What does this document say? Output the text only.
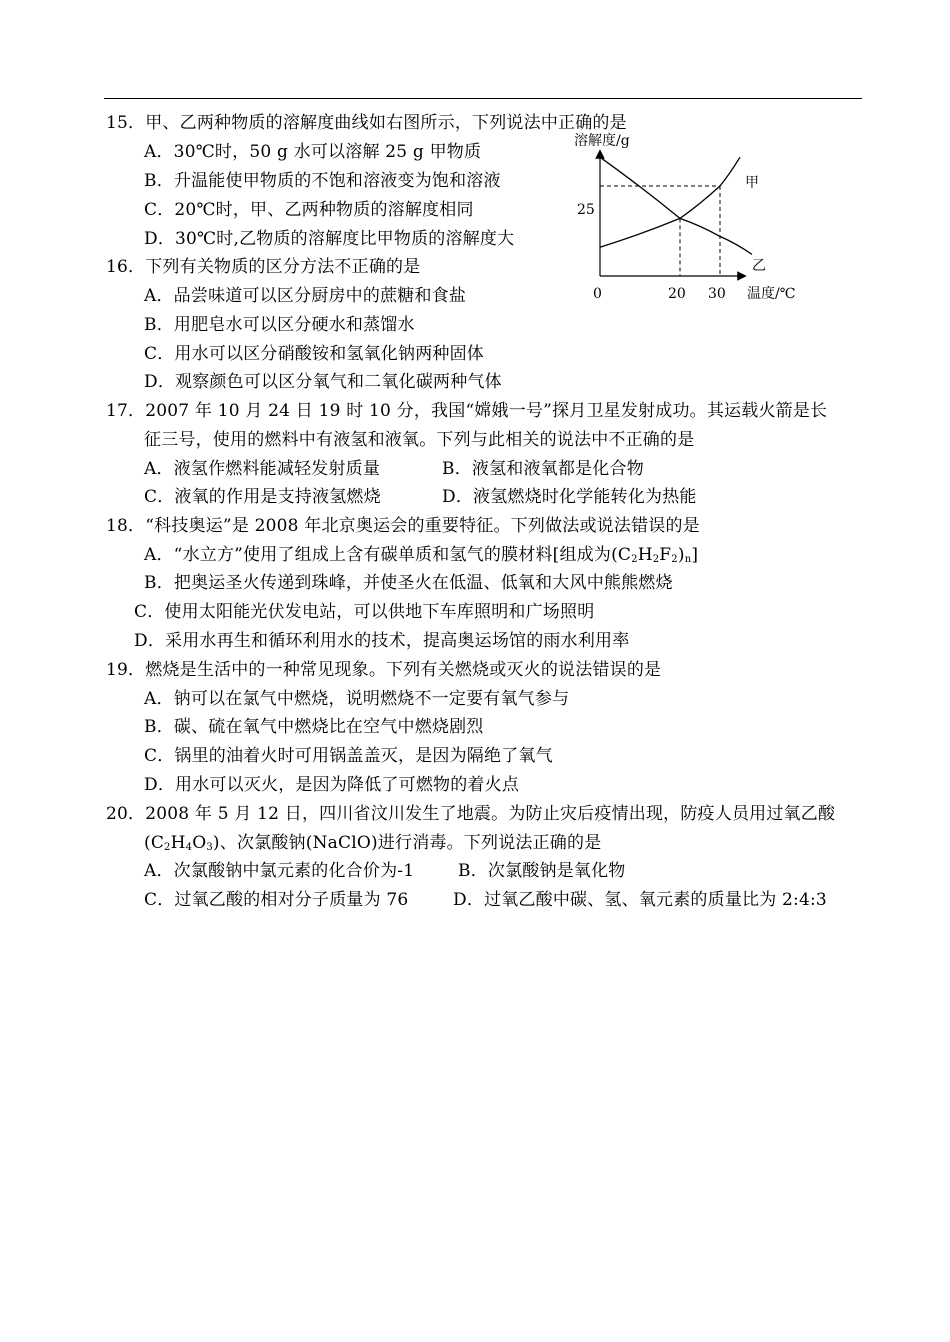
15．甲、乙两种物质的溶解度曲线如右图所示，下列说法中正确的是
A．30℃时，50 g 水可以溶解 25 g 甲物质
B．升温能使甲物质的不饱和溶液变为饱和溶液
C．20℃时，甲、乙两种物质的溶解度相同
D．30℃时,乙物质的溶解度比甲物质的溶解度大
溶解度/g
25
0	20 30 温度/℃
甲
乙
16．下列有关物质的区分方法不正确的是
A．品尝味道可以区分厨房中的蔗糖和食盐
B．用肥皂水可以区分硬水和蒸馏水
C．用水可以区分硝酸铵和氢氧化钠两种固体
D．观察颜色可以区分氧气和二氧化碳两种气体
17．2007 年 10 月 24 日 19 时 10 分，我国“嫦娥一号”探月卫星发射成功。其运载火箭是长
征三号，使用的燃料中有液氢和液氧。下列与此相关的说法中不正确的是
A．液氢作燃料能减轻发射质量	B．液氢和液氧都是化合物
C．液氧的作用是支持液氢燃烧	D．液氢燃烧时化学能转化为热能
18．“科技奥运”是 2008 年北京奥运会的重要特征。下列做法或说法错误的是
A．“水立方”使用了组成上含有碳单质和氢气的膜材料[组成为$(C_2H_2F_2)_n$]
B．把奥运圣火传递到珠峰，并使圣火在低温、低氧和大风中熊熊燃烧
C．使用太阳能光伏发电站，可以供地下车库照明和广场照明
D．采用水再生和循环利用水的技术，提高奥运场馆的雨水利用率
19．燃烧是生活中的一种常见现象。下列有关燃烧或灭火的说法错误的是
A．钠可以在氯气中燃烧，说明燃烧不一定要有氧气参与
B．碳、硫在氧气中燃烧比在空气中燃烧剧烈
C．锅里的油着火时可用锅盖盖灭，是因为隔绝了氧气
D．用水可以灭火，是因为降低了可燃物的着火点
20．2008 年 5 月 12 日，四川省汶川发生了地震。为防止灾后疫情出现，防疫人员用过氧乙酸
$(C_2H_4O_3)$、次氯酸钠(NaClO)进行消毒。下列说法正确的是
A．次氯酸钠中氯元素的化合价为-1	B．次氯酸钠是氧化物
C．过氧乙酸的相对分子质量为 76	D．过氧乙酸中碳、氢、氧元素的质量比为 2:4:3
